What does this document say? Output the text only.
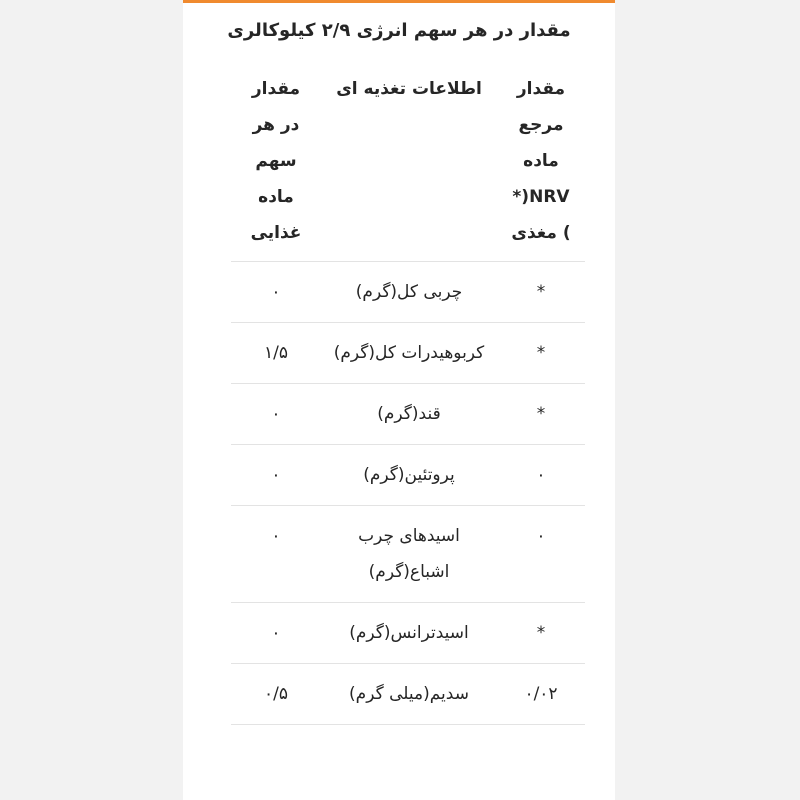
مقدار در هر سهم انرژی ۲/۹ کیلوکالری
مقدار مرجع ماده NRV(*) مغذی	اطلاعات تغذیه ای	مقدار در هر سهم ماده غذایی

*	چربی کل(گرم)	۰
*	کربوهیدرات کل(گرم)	۱/۵
*	قند(گرم)	۰
۰	پروتئین(گرم)	۰
۰	اسیدهای چرب اشباع(گرم)	۰
*	اسیدترانس(گرم)	۰
۰/۰۲	سدیم(میلی گرم)	۰/۵
